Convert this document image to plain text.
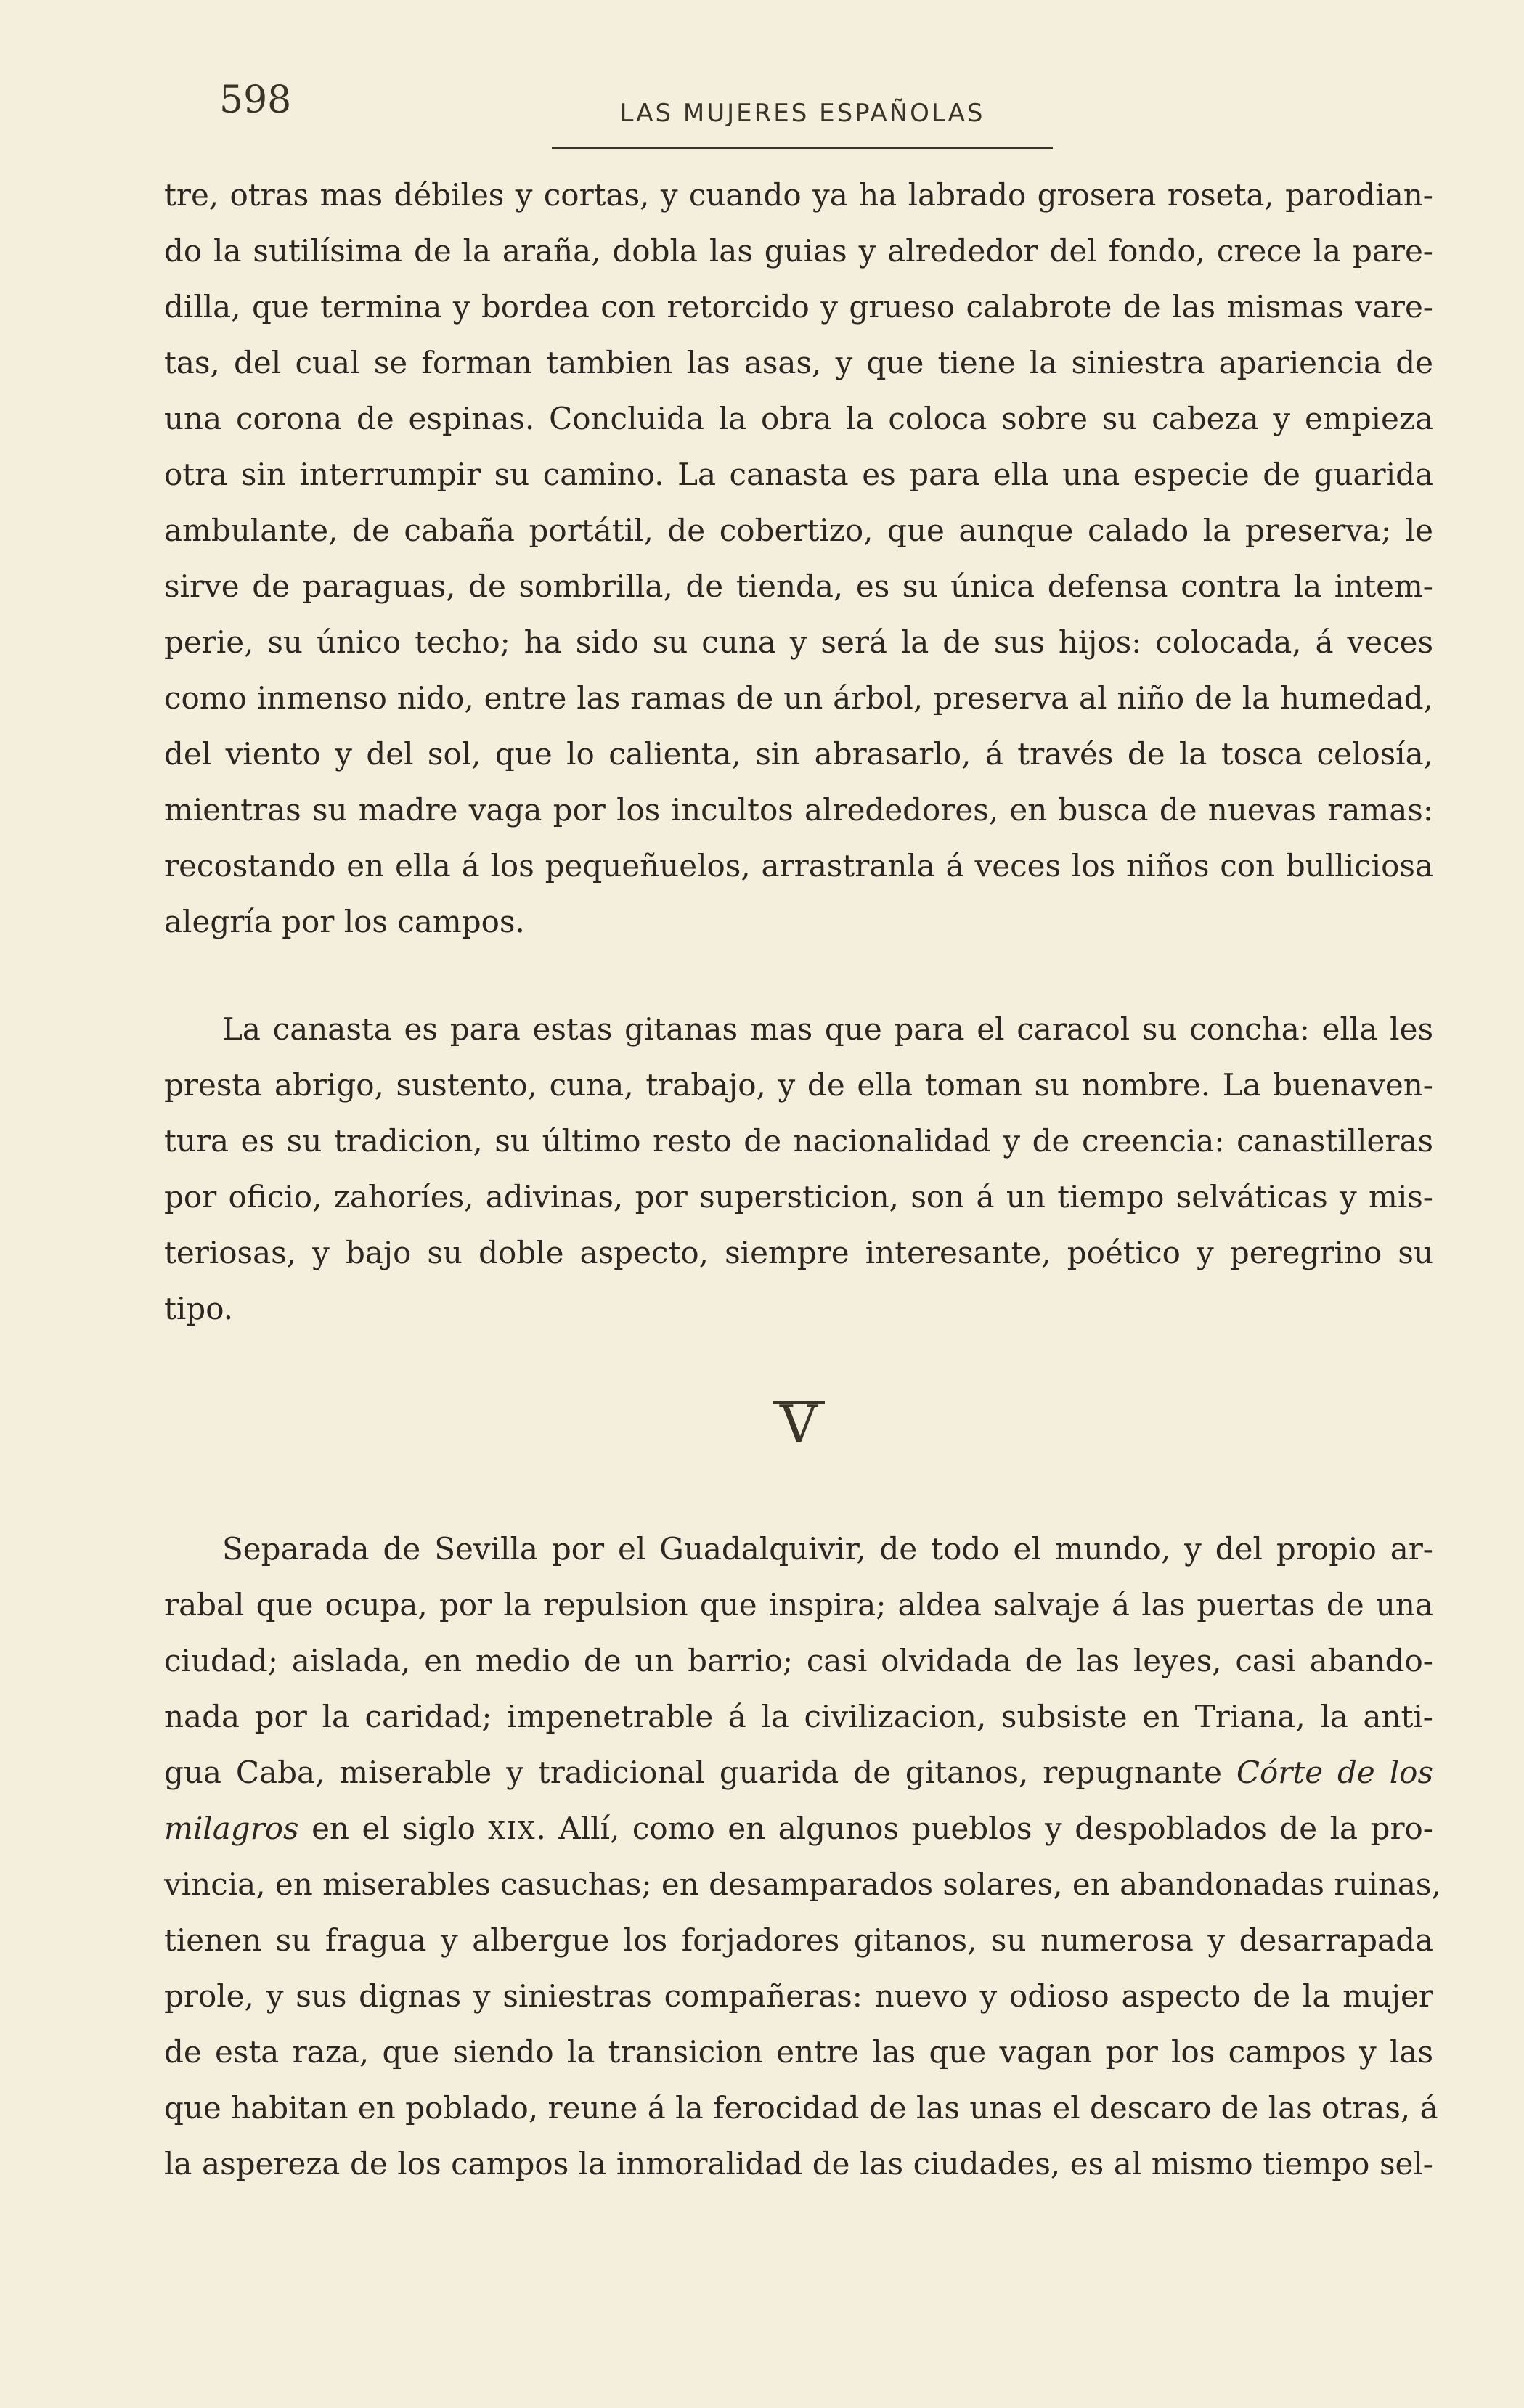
598	LAS MUJERES ESPAÑOLAS
tre, otras mas débiles y cortas, y cuando ya ha labrado grosera roseta, parodian-
do la sutilísima de la araña, dobla las guias y alrededor del fondo, crece la pare-
dilla, que termina y bordea con retorcido y grueso calabrote de las mismas vare-
tas, del cual se forman tambien las asas, y que tiene la siniestra apariencia de
una corona de espinas. Concluida la obra la coloca sobre su cabeza y empieza
otra sin interrumpir su camino. La canasta es para ella una especie de guarida
ambulante, de cabaña portátil, de cobertizo, que aunque calado la preserva; le
sirve de paraguas, de sombrilla, de tienda, es su única defensa contra la intem-
perie, su único techo; ha sido su cuna y será la de sus hijos: colocada, á veces
como inmenso nido, entre las ramas de un árbol, preserva al niño de la humedad,
del viento y del sol, que lo calienta, sin abrasarlo, á través de la tosca celosía,
mientras su madre vaga por los incultos alrededores, en busca de nuevas ramas:
recostando en ella á los pequeñuelos, arrastranla á veces los niños con bulliciosa
alegría por los campos.
La canasta es para estas gitanas mas que para el caracol su concha: ella les
presta abrigo, sustento, cuna, trabajo, y de ella toman su nombre. La buenaven-
tura es su tradicion, su último resto de nacionalidad y de creencia: canastilleras
por oficio, zahoríes, adivinas, por supersticion, son á un tiempo selváticas y mis-
teriosas, y bajo su doble aspecto, siempre interesante, poético y peregrino su
tipo.
V
Separada de Sevilla por el Guadalquivir, de todo el mundo, y del propio ar-
rabal que ocupa, por la repulsion que inspira; aldea salvaje á las puertas de una
ciudad; aislada, en medio de un barrio; casi olvidada de las leyes, casi abando-
nada por la caridad; impenetrable á la civilizacion, subsiste en Triana, la anti-
gua Caba, miserable y tradicional guarida de gitanos, repugnante Córte de los
milagros en el siglo XIX. Allí, como en algunos pueblos y despoblados de la pro-
vincia, en miserables casuchas; en desamparados solares, en abandonadas ruinas,
tienen su fragua y albergue los forjadores gitanos, su numerosa y desarrapada
prole, y sus dignas y siniestras compañeras: nuevo y odioso aspecto de la mujer
de esta raza, que siendo la transicion entre las que vagan por los campos y las
que habitan en poblado, reune á la ferocidad de las unas el descaro de las otras, á
la aspereza de los campos la inmoralidad de las ciudades, es al mismo tiempo sel-
